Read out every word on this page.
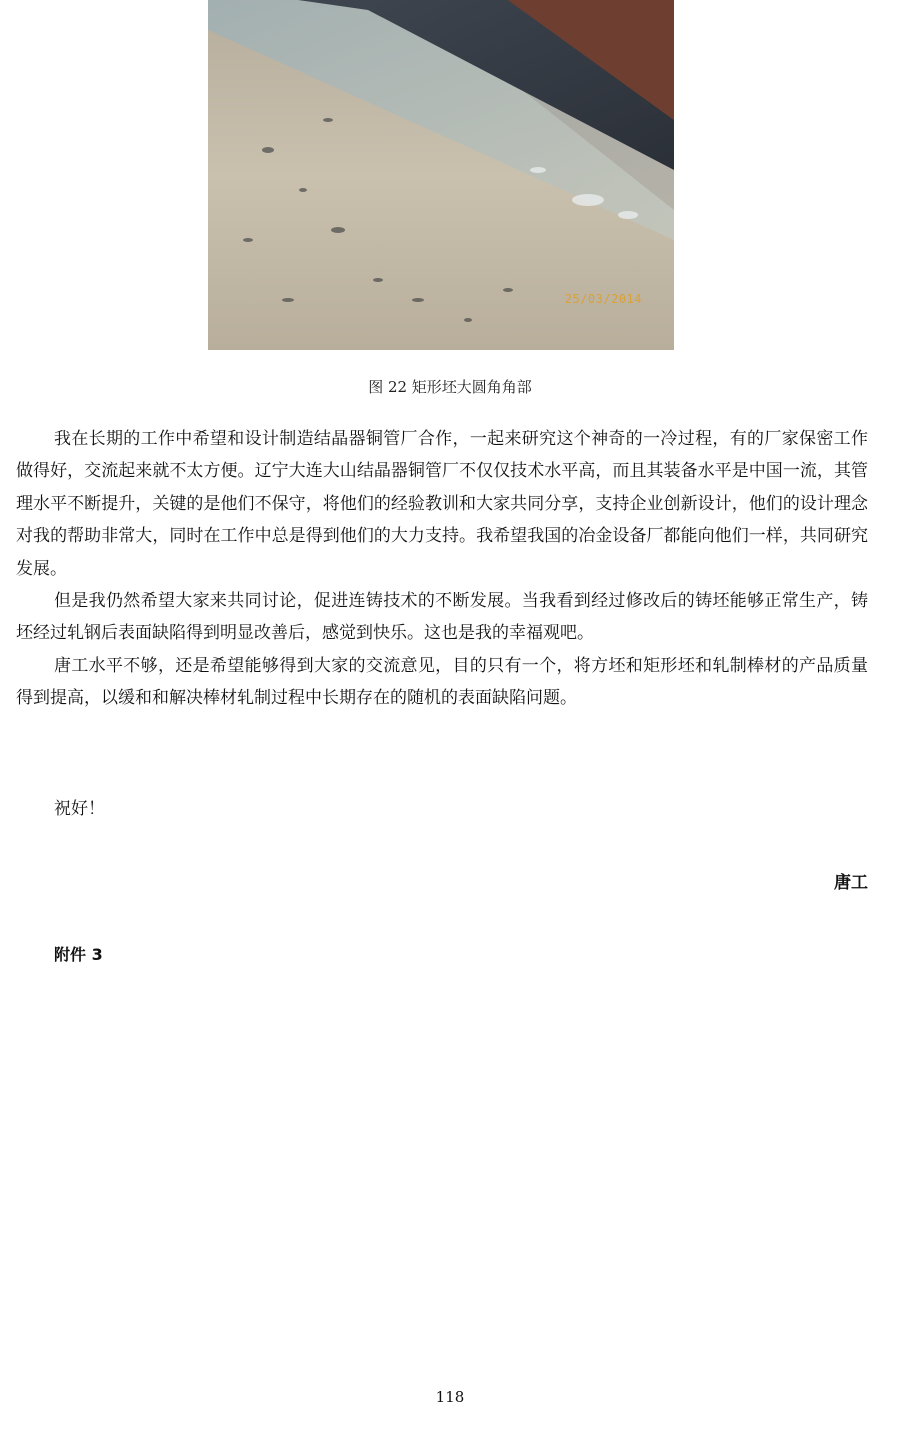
25/03/2014
图 22 矩形坯大圆角角部

我在长期的工作中希望和设计制造结晶器铜管厂合作，一起来研究这个神奇的一冷过程，有的厂家保密工作做得好，交流起来就不太方便。辽宁大连大山结晶器铜管厂不仅仅技术水平高，而且其装备水平是中国一流，其管理水平不断提升，关键的是他们不保守，将他们的经验教训和大家共同分享，支持企业创新设计，他们的设计理念对我的帮助非常大，同时在工作中总是得到他们的大力支持。我希望我国的冶金设备厂都能向他们一样，共同研究发展。

但是我仍然希望大家来共同讨论，促进连铸技术的不断发展。当我看到经过修改后的铸坯能够正常生产，铸坯经过轧钢后表面缺陷得到明显改善后，感觉到快乐。这也是我的幸福观吧。

唐工水平不够，还是希望能够得到大家的交流意见，目的只有一个，将方坯和矩形坯和轧制棒材的产品质量得到提高，以缓和和解决棒材轧制过程中长期存在的随机的表面缺陷问题。

祝好！
唐工
附件 3
118
